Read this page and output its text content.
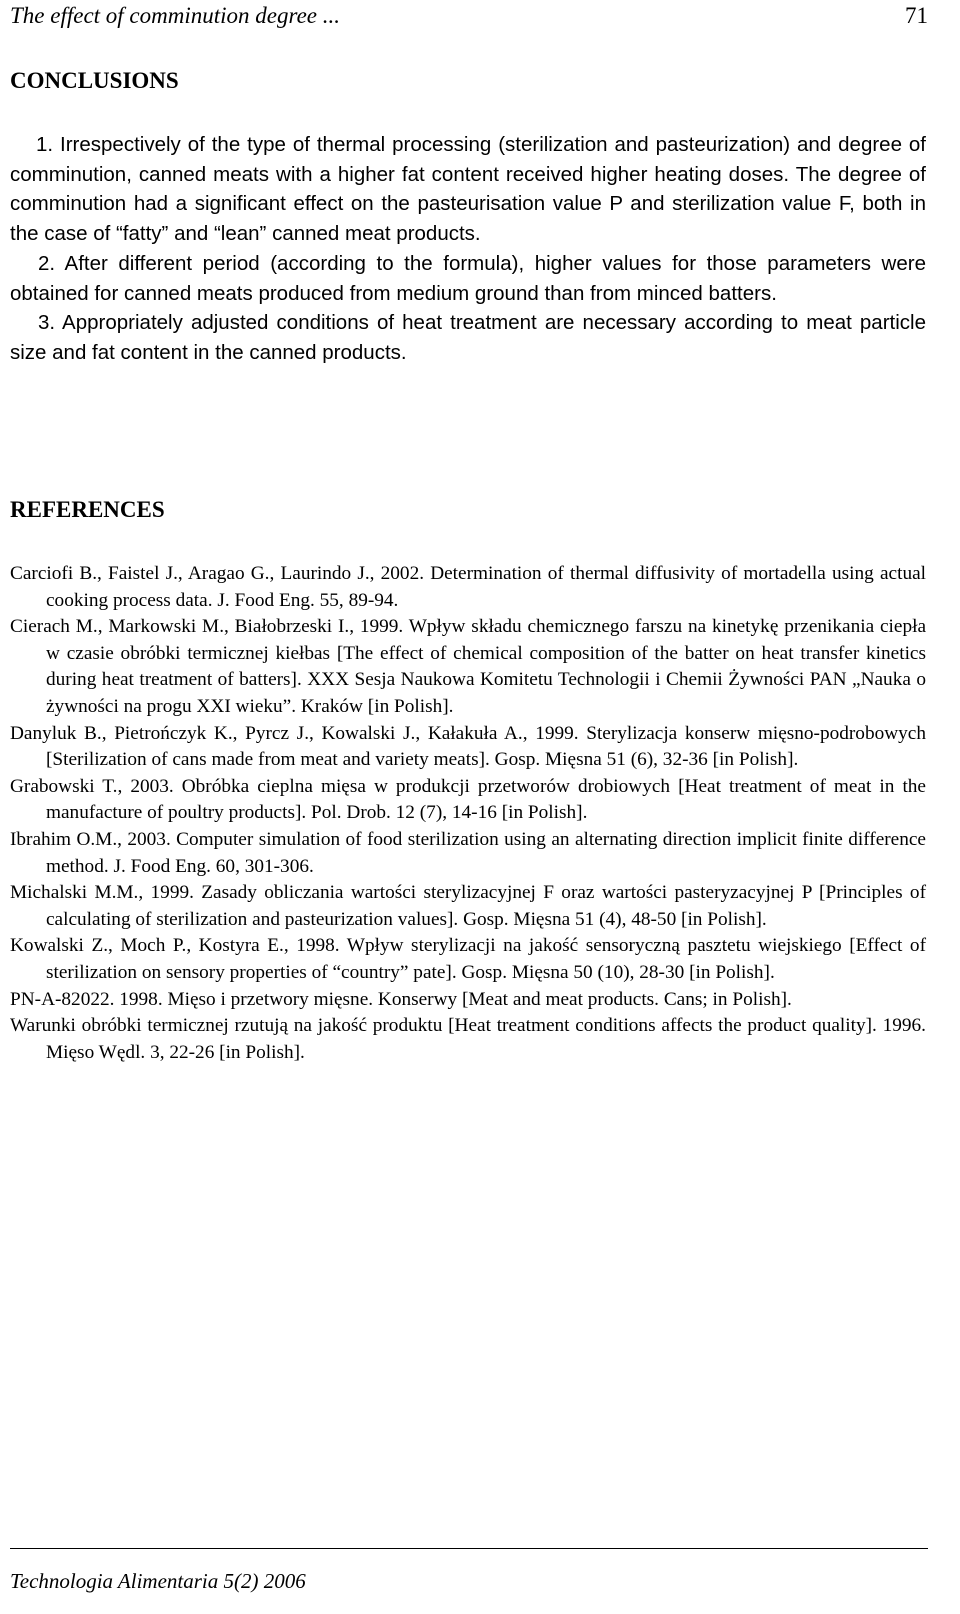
The effect of comminution degree ...	71
CONCLUSIONS

1. Irrespectively of the type of thermal processing (sterilization and pasteurization) and degree of comminution, canned meats with a higher fat content received higher heating doses. The degree of comminution had a significant effect on the pasteurisation value P and sterilization value F, both in the case of “fatty” and “lean” canned meat products.

2. After different period (according to the formula), higher values for those parameters were obtained for canned meats produced from medium ground than from minced batters.

3. Appropriately adjusted conditions of heat treatment are necessary according to meat particle size and fat content in the canned products.

REFERENCES

Carciofi B., Faistel J., Aragao G., Laurindo J., 2002. Determination of thermal diffusivity of mortadella using actual cooking process data. J. Food Eng. 55, 89-94.

Cierach M., Markowski M., Białobrzeski I., 1999. Wpływ składu chemicznego farszu na kinetykę przenikania ciepła w czasie obróbki termicznej kiełbas [The effect of chemical composition of the batter on heat transfer kinetics during heat treatment of batters]. XXX Sesja Naukowa Komitetu Technologii i Chemii Żywności PAN „Nauka o żywności na progu XXI wieku”. Kraków [in Polish].

Danyluk B., Pietrończyk K., Pyrcz J., Kowalski J., Kałakuła A., 1999. Sterylizacja konserw mięsno-podrobowych [Sterilization of cans made from meat and variety meats]. Gosp. Mięsna 51 (6), 32-36 [in Polish].

Grabowski T., 2003. Obróbka cieplna mięsa w produkcji przetworów drobiowych [Heat treatment of meat in the manufacture of poultry products]. Pol. Drob. 12 (7), 14-16 [in Polish].

Ibrahim O.M., 2003. Computer simulation of food sterilization using an alternating direction implicit finite difference method. J. Food Eng. 60, 301-306.

Michalski M.M., 1999. Zasady obliczania wartości sterylizacyjnej F oraz wartości pasteryzacyjnej P [Principles of calculating of sterilization and pasteurization values]. Gosp. Mięsna 51 (4), 48-50 [in Polish].

Kowalski Z., Moch P., Kostyra E., 1998. Wpływ sterylizacji na jakość sensoryczną pasztetu wiejskiego [Effect of sterilization on sensory properties of “country” pate]. Gosp. Mięsna 50 (10), 28-30 [in Polish].

PN-A-82022. 1998. Mięso i przetwory mięsne. Konserwy [Meat and meat products. Cans; in Polish].

Warunki obróbki termicznej rzutują na jakość produktu [Heat treatment conditions affects the product quality]. 1996. Mięso Wędl. 3, 22-26 [in Polish].

Technologia Alimentaria 5(2) 2006
